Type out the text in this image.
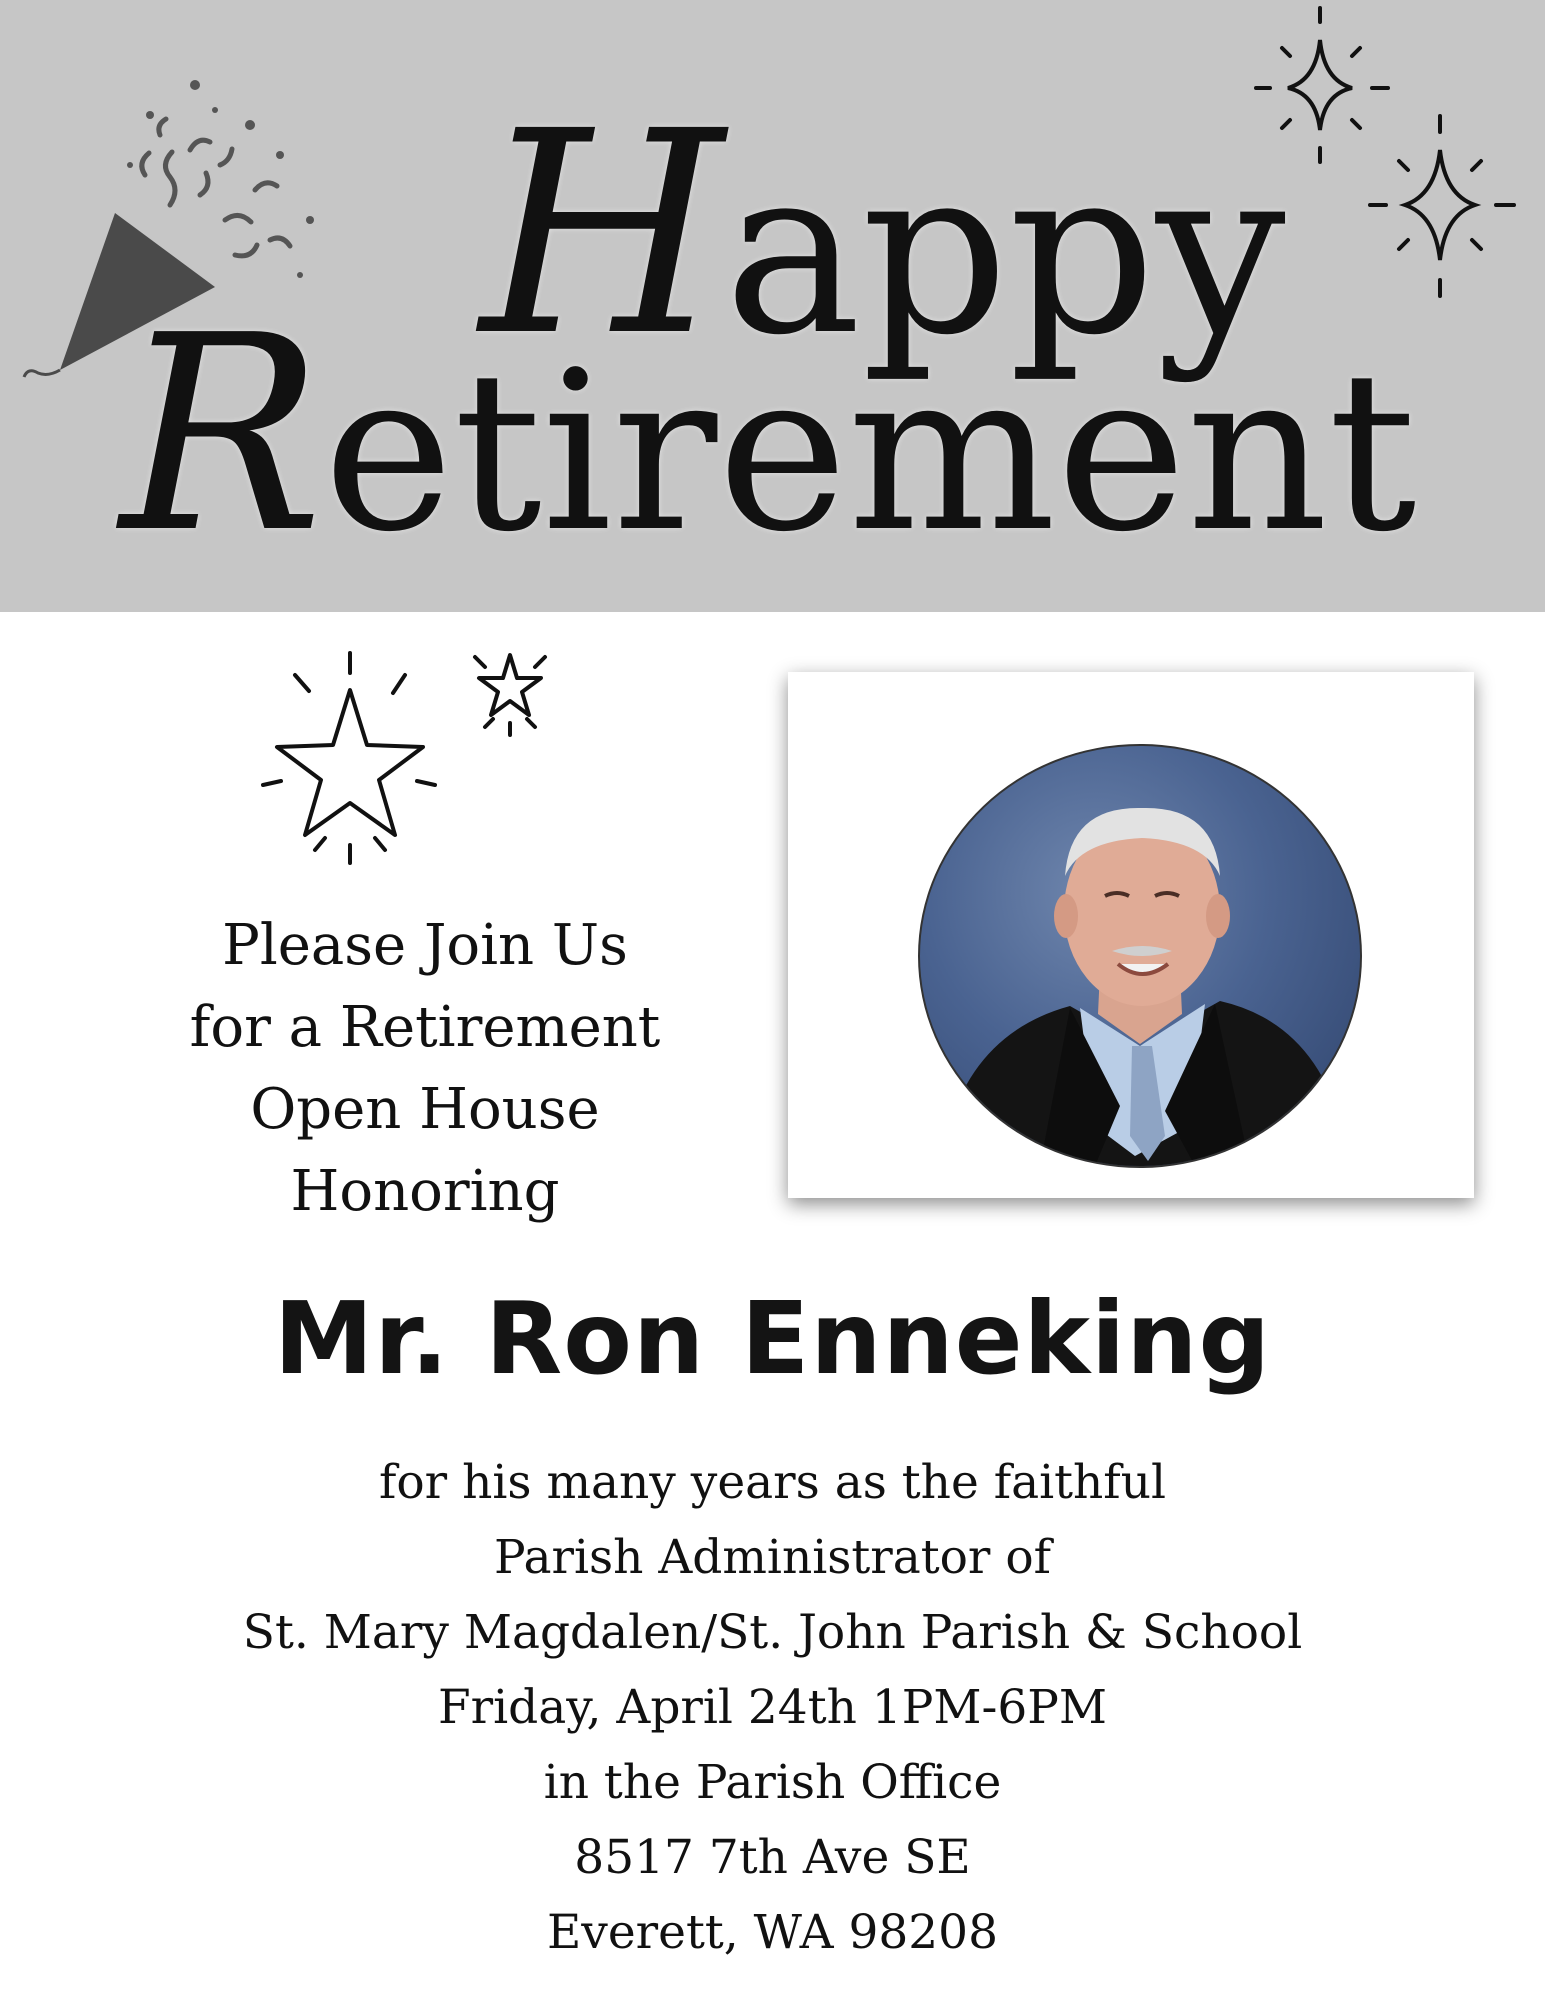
Happy
Retirement
Please Join Us
for a Retirement
Open House
Honoring
Mr. Ron Enneking
for his many years as the faithful
Parish Administrator of
St. Mary Magdalen/St. John Parish & School
Friday, April 24th 1PM-6PM
in the Parish Office
8517 7th Ave SE
Everett, WA 98208
